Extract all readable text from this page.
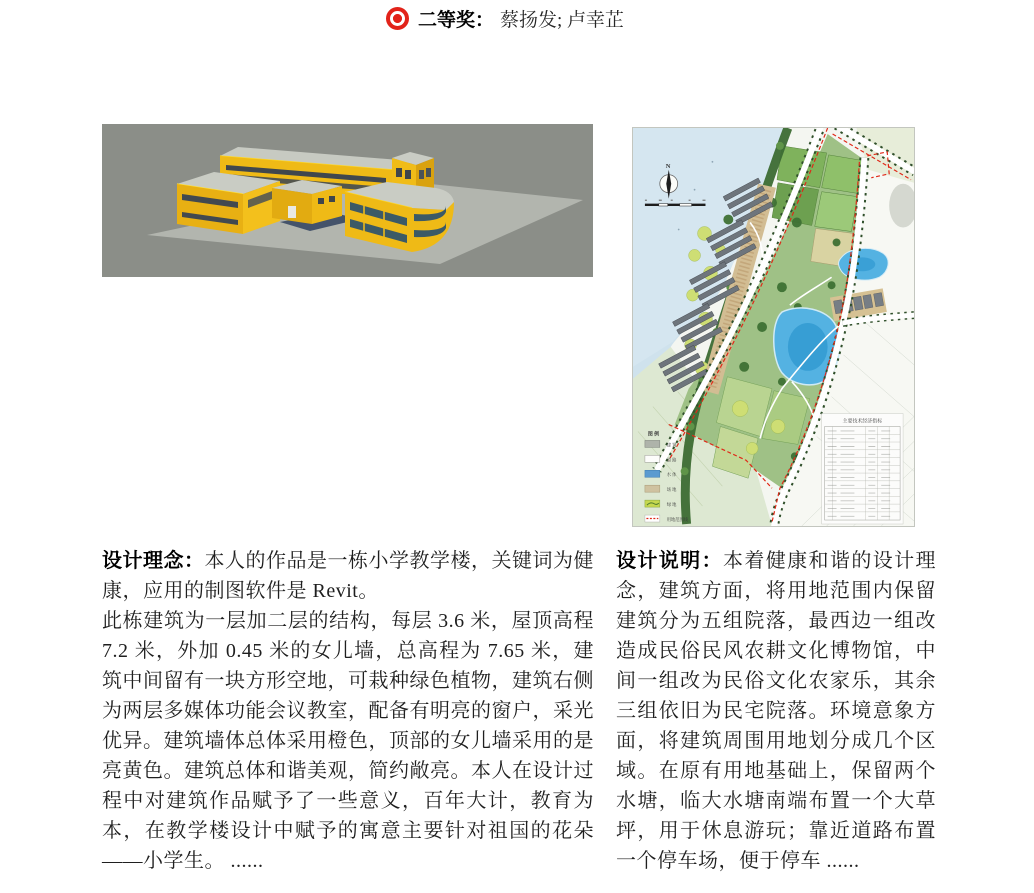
二等奖： 蔡扬发; 卢幸芷
N
图 例
建 筑
道 路
水 体
场 地
绿 地
用地范围线
主要技术经济指标
设计理念：本人的作品是一栋小学教学楼，关键词为健康，应用的制图软件是 Revit。
此栋建筑为一层加二层的结构，每层 3.6 米，屋顶高程 7.2 米，外加 0.45 米的女儿墙，总高程为 7.65 米，建筑中间留有一块方形空地，可栽种绿色植物，建筑右侧为两层多媒体功能会议教室，配备有明亮的窗户，采光优异。建筑墙体总体采用橙色，顶部的女儿墙采用的是亮黄色。建筑总体和谐美观，简约敞亮。本人在设计过程中对建筑作品赋予了一些意义，百年大计，教育为本，在教学楼设计中赋予的寓意主要针对祖国的花朵——小学生。 ......
设计说明：本着健康和谐的设计理念，建筑方面，将用地范围内保留建筑分为五组院落，最西边一组改造成民俗民风农耕文化博物馆，中间一组改为民俗文化农家乐，其余三组依旧为民宅院落。环境意象方面，将建筑周围用地划分成几个区域。在原有用地基础上，保留两个水塘，临大水塘南端布置一个大草坪，用于休息游玩；靠近道路布置一个停车场，便于停车 ......
